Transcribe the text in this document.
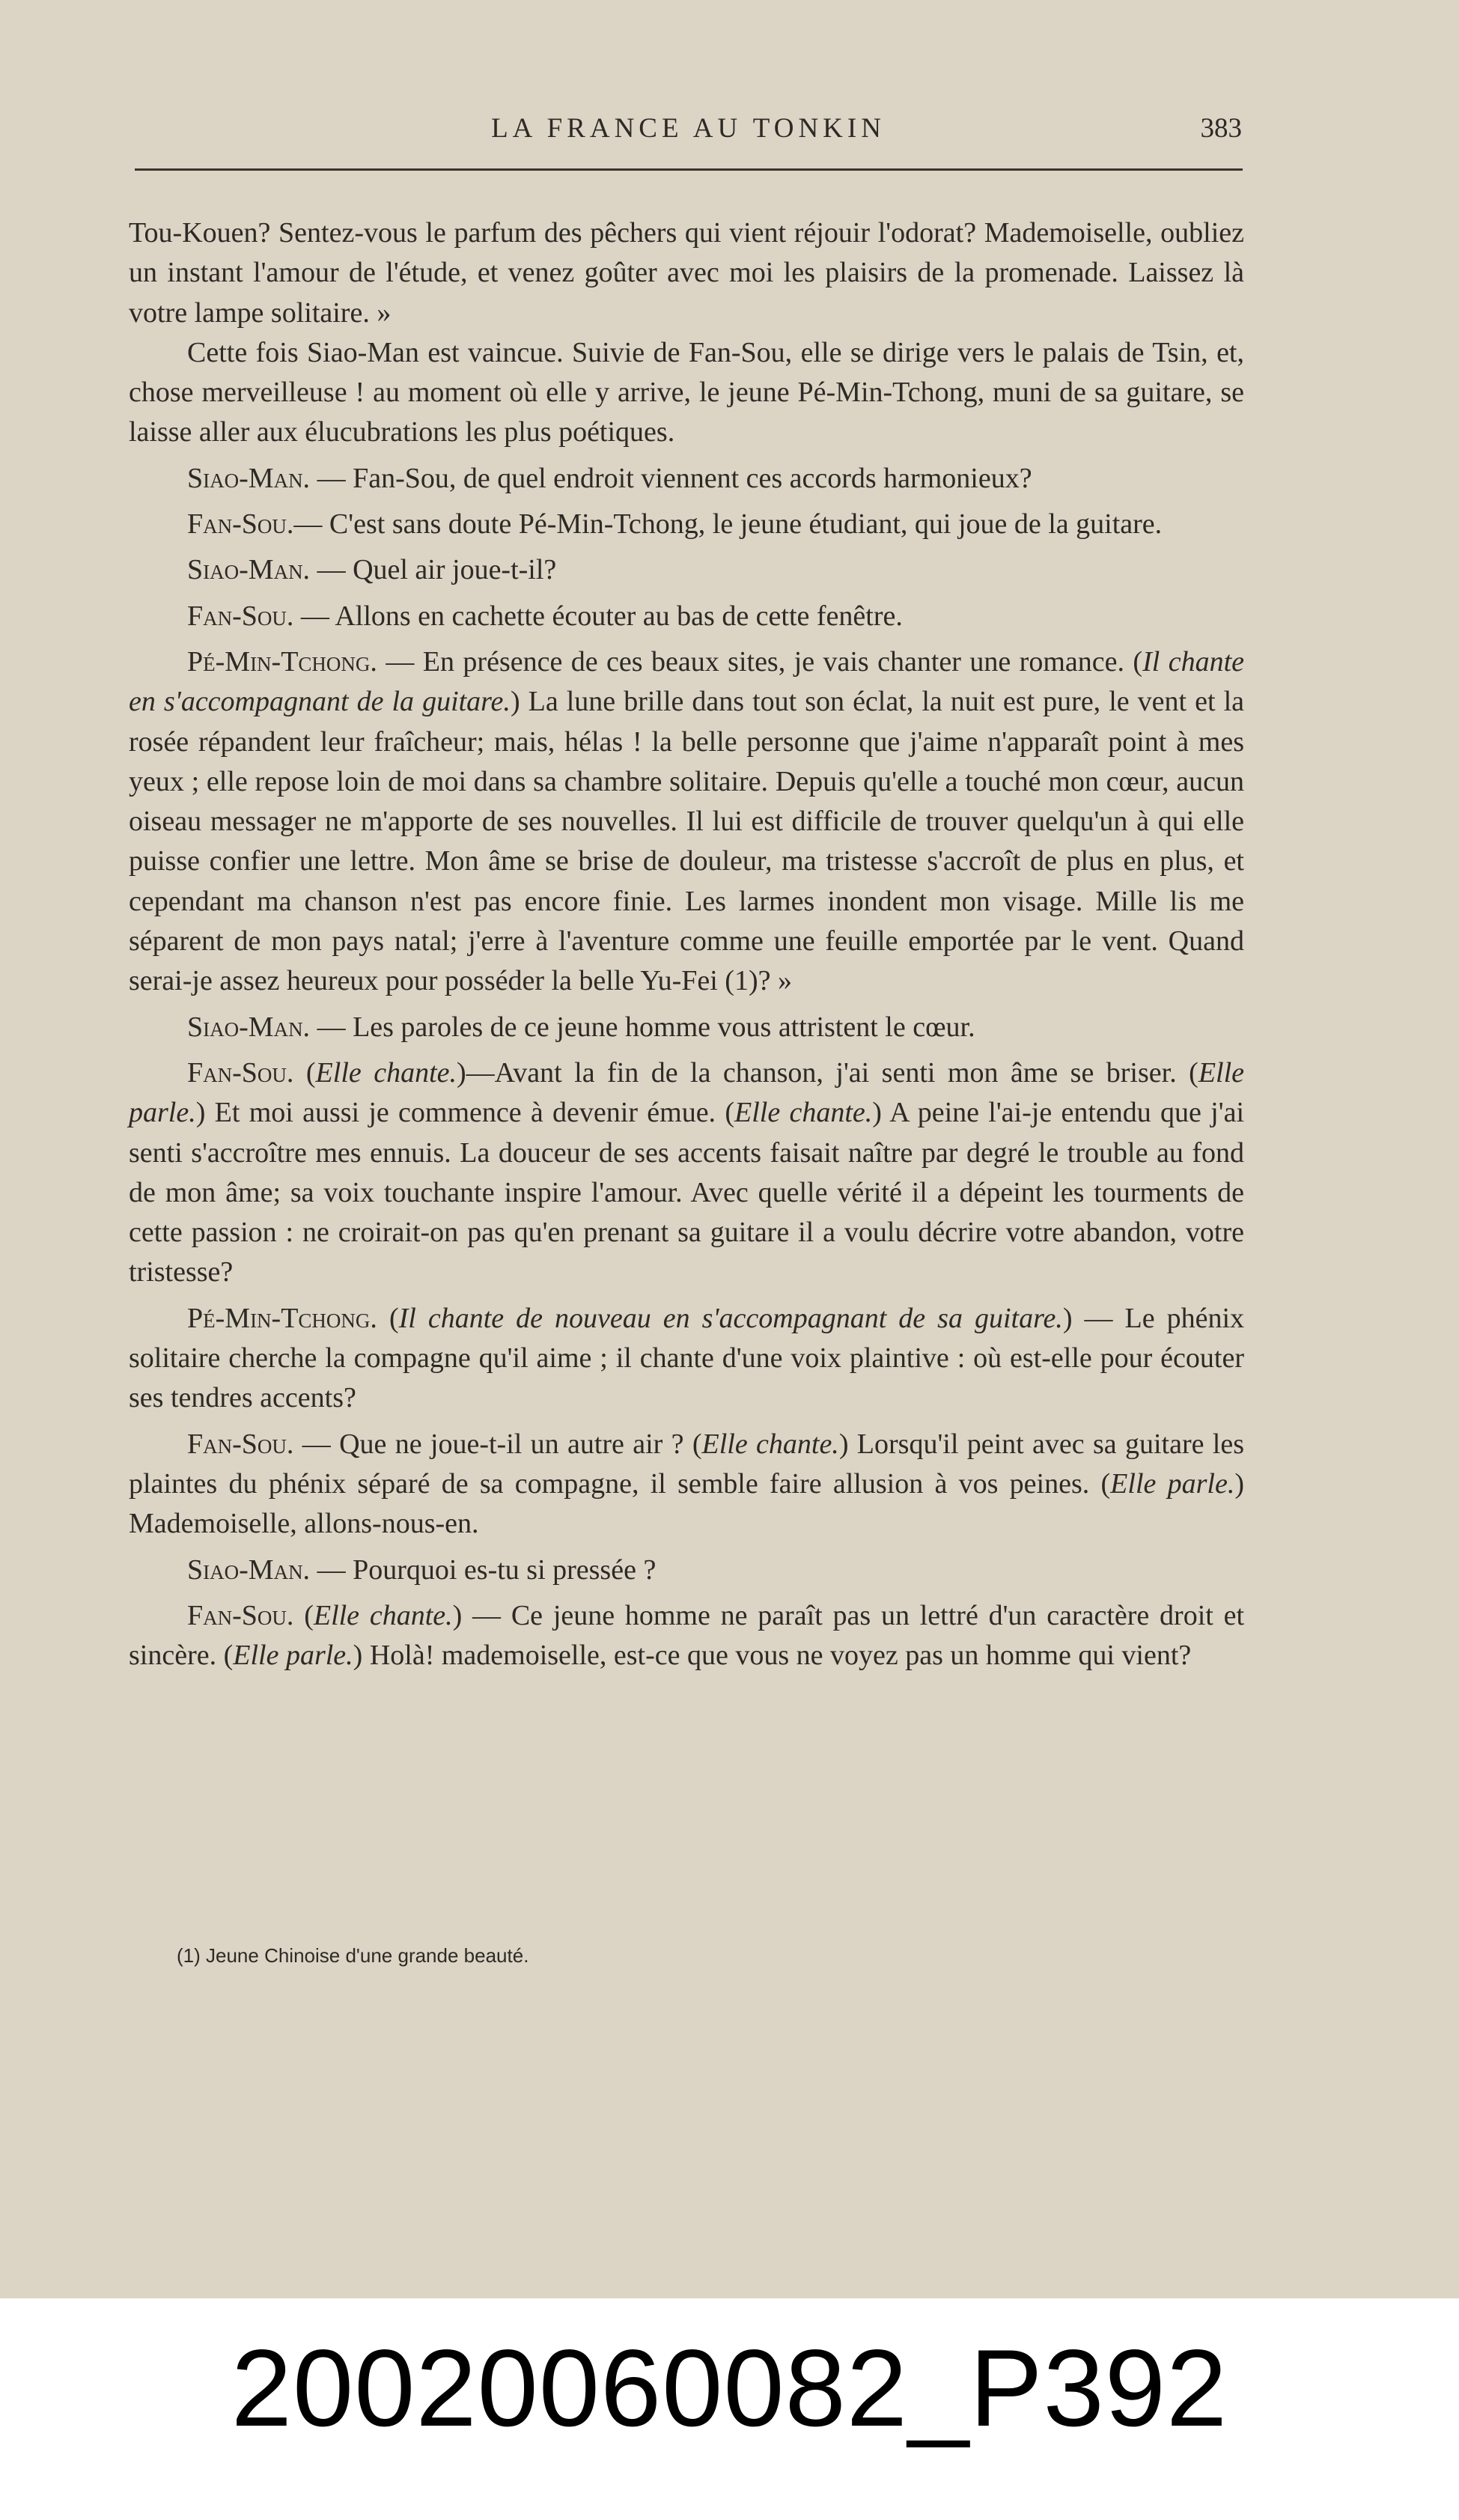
LA FRANCE AU TONKIN	383

Tou-Kouen? Sentez-vous le parfum des pêchers qui vient réjouir l'odorat? Mademoiselle, oubliez un instant l'amour de l'étude, et venez goûter avec moi les plaisirs de la promenade. Laissez là votre lampe solitaire. »

Cette fois Siao-Man est vaincue. Suivie de Fan-Sou, elle se dirige vers le palais de Tsin, et, chose merveilleuse ! au moment où elle y arrive, le jeune Pé-Min-Tchong, muni de sa guitare, se laisse aller aux élucubrations les plus poétiques.

Siao-Man. — Fan-Sou, de quel endroit viennent ces accords harmonieux?

Fan-Sou.— C'est sans doute Pé-Min-Tchong, le jeune étudiant, qui joue de la guitare.

Siao-Man. — Quel air joue-t-il?

Fan-Sou. — Allons en cachette écouter au bas de cette fenêtre.

Pé-Min-Tchong. — En présence de ces beaux sites, je vais chanter une romance. (Il chante en s'accompagnant de la guitare.) La lune brille dans tout son éclat, la nuit est pure, le vent et la rosée répandent leur fraîcheur; mais, hélas ! la belle personne que j'aime n'apparaît point à mes yeux ; elle repose loin de moi dans sa chambre solitaire. Depuis qu'elle a touché mon cœur, aucun oiseau messager ne m'apporte de ses nouvelles. Il lui est difficile de trouver quelqu'un à qui elle puisse confier une lettre. Mon âme se brise de douleur, ma tristesse s'accroît de plus en plus, et cependant ma chanson n'est pas encore finie. Les larmes inondent mon visage. Mille lis me séparent de mon pays natal; j'erre à l'aventure comme une feuille emportée par le vent. Quand serai-je assez heureux pour posséder la belle Yu-Fei (1)? »

Siao-Man. — Les paroles de ce jeune homme vous attristent le cœur.

Fan-Sou. (Elle chante.)—Avant la fin de la chanson, j'ai senti mon âme se briser. (Elle parle.) Et moi aussi je commence à devenir émue. (Elle chante.) A peine l'ai-je entendu que j'ai senti s'accroître mes ennuis. La douceur de ses accents faisait naître par degré le trouble au fond de mon âme; sa voix touchante inspire l'amour. Avec quelle vérité il a dépeint les tourments de cette passion : ne croirait-on pas qu'en prenant sa guitare il a voulu décrire votre abandon, votre tristesse?

Pé-Min-Tchong. (Il chante de nouveau en s'accompagnant de sa guitare.) — Le phénix solitaire cherche la compagne qu'il aime ; il chante d'une voix plaintive : où est-elle pour écouter ses tendres accents?

Fan-Sou. — Que ne joue-t-il un autre air ? (Elle chante.) Lorsqu'il peint avec sa guitare les plaintes du phénix séparé de sa compagne, il semble faire allusion à vos peines. (Elle parle.) Mademoiselle, allons-nous-en.

Siao-Man. — Pourquoi es-tu si pressée ?

Fan-Sou. (Elle chante.) — Ce jeune homme ne paraît pas un lettré d'un caractère droit et sincère. (Elle parle.) Holà! mademoiselle, est-ce que vous ne voyez pas un homme qui vient?

(1) Jeune Chinoise d'une grande beauté.
20020060082_P392
